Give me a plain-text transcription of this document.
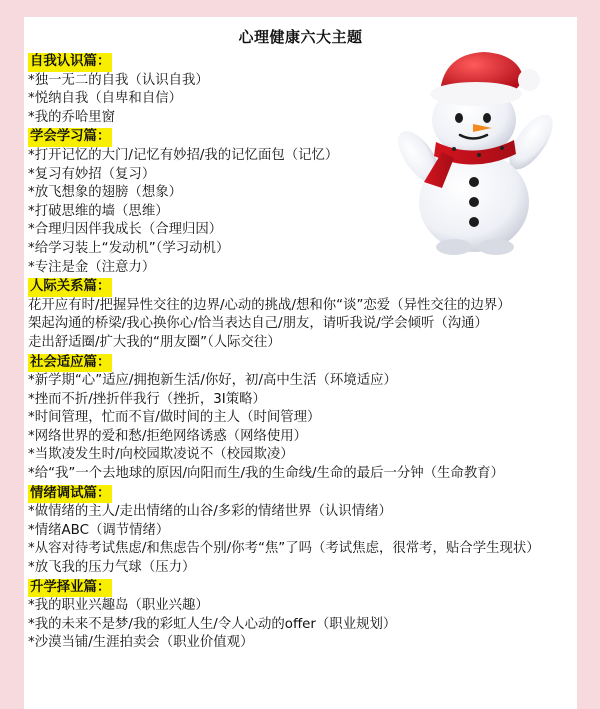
心理健康六大主题
自我认识篇：
*独一无二的自我（认识自我）
*悦纳自我（自卑和自信）
*我的乔哈里窗
学会学习篇：
*打开记忆的大门/记忆有妙招/我的记忆面包（记忆）
*复习有妙招（复习）
*放飞想象的翅膀（想象）
*打破思维的墙（思维）
*合理归因伴我成长（合理归因）
*给学习装上“发动机”（学习动机）
*专注是金（注意力）
人际关系篇：
花开应有时/把握异性交往的边界/心动的挑战/想和你“谈”恋爱（异性交往的边界）
架起沟通的桥梁/我心换你心/恰当表达自己/朋友，请听我说/学会倾听（沟通）
走出舒适圈/扩大我的“朋友圈”（人际交往）
社会适应篇：
*新学期“心”适应/拥抱新生活/你好，初/高中生活（环境适应）
*挫而不折/挫折伴我行（挫折，3I策略）
*时间管理，忙而不盲/做时间的主人（时间管理）
*网络世界的爱和愁/拒绝网络诱惑（网络使用）
*当欺凌发生时/向校园欺凌说不（校园欺凌）
*给“我”一个去地球的原因/向阳而生/我的生命线/生命的最后一分钟（生命教育）
情绪调试篇：
*做情绪的主人/走出情绪的山谷/多彩的情绪世界（认识情绪）
*情绪ABC（调节情绪）
*从容对待考试焦虑/和焦虑告个别/你考“焦”了吗（考试焦虑，很常考，贴合学生现状）
*放飞我的压力气球（压力）
升学择业篇：
*我的职业兴趣岛（职业兴趣）
*我的未来不是梦/我的彩虹人生/令人心动的offer（职业规划）
*沙漠当铺/生涯拍卖会（职业价值观）
